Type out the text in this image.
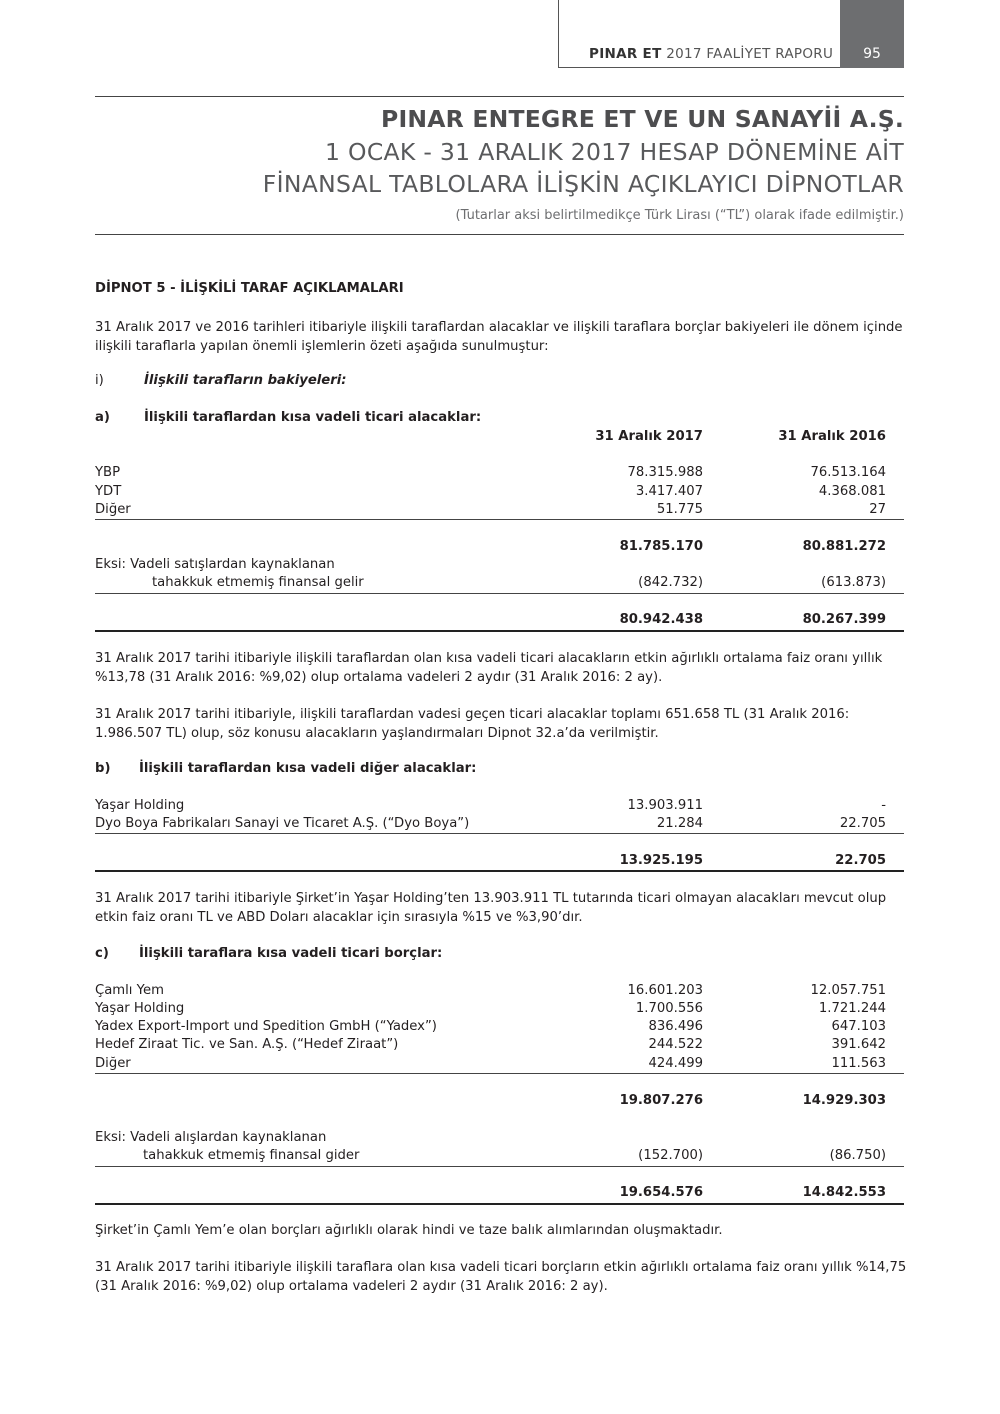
PINAR ET 2017 FAALİYET RAPORU	95
PINAR ENTEGRE ET VE UN SANAYİİ A.Ş.
1 OCAK - 31 ARALIK 2017 HESAP DÖNEMİNE AİT
FİNANSAL TABLOLARA İLİŞKİN AÇIKLAYICI DİPNOTLAR
(Tutarlar aksi belirtilmedikçe Türk Lirası (“TL”) olarak ifade edilmiştir.)
DİPNOT 5 - İLİŞKİLİ TARAF AÇIKLAMALARI
31 Aralık 2017 ve 2016 tarihleri itibariyle ilişkili taraflardan alacaklar ve ilişkili taraflara borçlar bakiyeleri ile dönem içinde ilişkili taraflarla yapılan önemli işlemlerin özeti aşağıda sunulmuştur:
i)	İlişkili tarafların bakiyeleri:
a)	İlişkili taraflardan kısa vadeli ticari alacaklar:
31 Aralık 2017	31 Aralık 2016
YBP	78.315.988	76.513.164
YDT	3.417.407	4.368.081
Diğer	51.775	27
81.785.170	80.881.272
Eksi: Vadeli satışlardan kaynaklanan
tahakkuk etmemiş finansal gelir	(842.732)	(613.873)
80.942.438	80.267.399
31 Aralık 2017 tarihi itibariyle ilişkili taraflardan olan kısa vadeli ticari alacakların etkin ağırlıklı ortalama faiz oranı yıllık %13,78 (31 Aralık 2016: %9,02) olup ortalama vadeleri 2 aydır (31 Aralık 2016: 2 ay).
31 Aralık 2017 tarihi itibariyle, ilişkili taraflardan vadesi geçen ticari alacaklar toplamı 651.658 TL (31 Aralık 2016: 1.986.507 TL) olup, söz konusu alacakların yaşlandırmaları Dipnot 32.a’da verilmiştir.
b) İlişkili taraflardan kısa vadeli diğer alacaklar:
Yaşar Holding	13.903.911	-
Dyo Boya Fabrikaları Sanayi ve Ticaret A.Ş. (“Dyo Boya”)	21.284	22.705
13.925.195	22.705
31 Aralık 2017 tarihi itibariyle Şirket’in Yaşar Holding’ten 13.903.911 TL tutarında ticari olmayan alacakları mevcut olup etkin faiz oranı TL ve ABD Doları alacaklar için sırasıyla %15 ve %3,90’dır.
c) İlişkili taraflara kısa vadeli ticari borçlar:
Çamlı Yem	16.601.203	12.057.751
Yaşar Holding	1.700.556	1.721.244
Yadex Export-Import und Spedition GmbH (“Yadex”)	836.496	647.103
Hedef Ziraat Tic. ve San. A.Ş. (“Hedef Ziraat”)	244.522	391.642
Diğer	424.499	111.563
19.807.276	14.929.303
Eksi: Vadeli alışlardan kaynaklanan
tahakkuk etmemiş finansal gider	(152.700)	(86.750)
19.654.576	14.842.553
Şirket’in Çamlı Yem’e olan borçları ağırlıklı olarak hindi ve taze balık alımlarından oluşmaktadır.
31 Aralık 2017 tarihi itibariyle ilişkili taraflara olan kısa vadeli ticari borçların etkin ağırlıklı ortalama faiz oranı yıllık %14,75 (31 Aralık 2016: %9,02) olup ortalama vadeleri 2 aydır (31 Aralık 2016: 2 ay).
